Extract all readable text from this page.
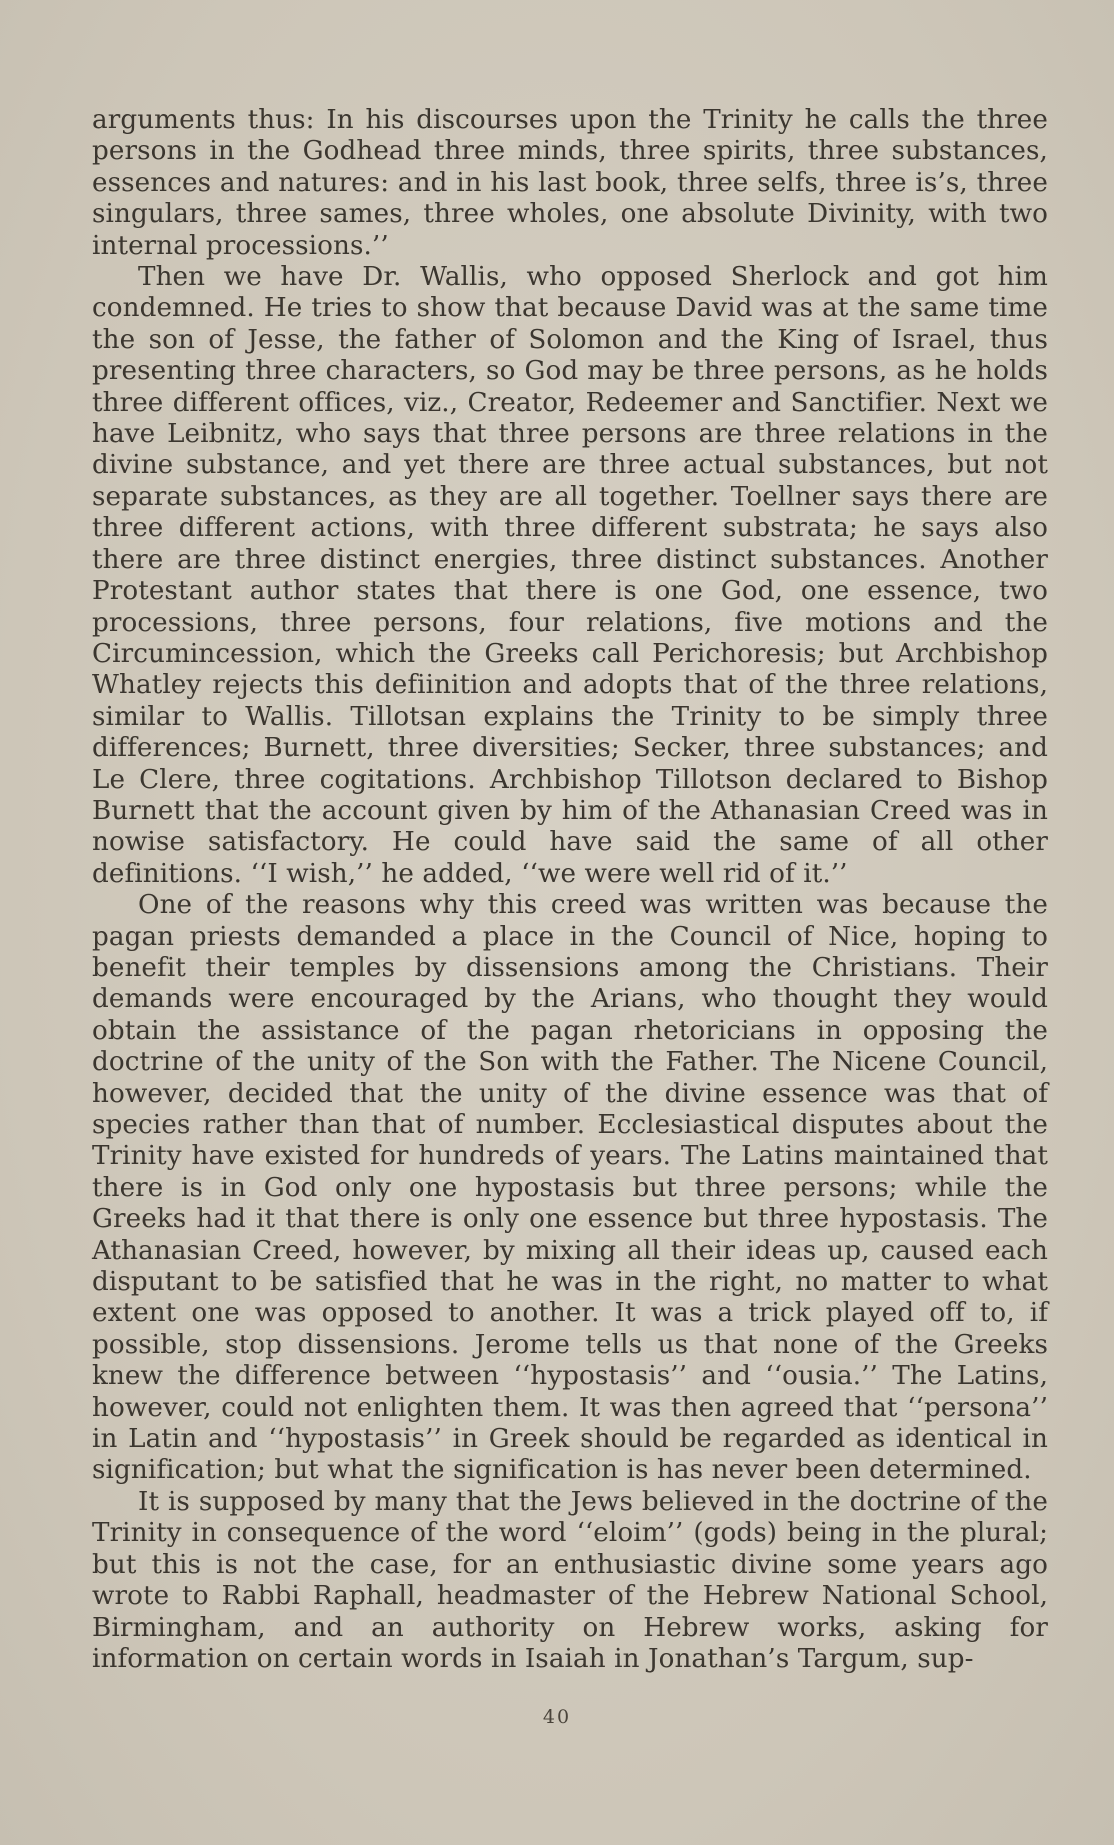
arguments thus: In his discourses upon the Trinity he calls the three persons in the Godhead three minds, three spirits, three substances, essences and natures: and in his last book, three selfs, three is’s, three singulars, three sames, three wholes, one absolute Divinity, with two internal processions.’’

Then we have Dr. Wallis, who opposed Sherlock and got him condemned. He tries to show that because David was at the same time the son of Jesse, the father of Solomon and the King of Israel, thus presenting three characters, so God may be three persons, as he holds three different offices, viz., Creator, Redeemer and Sanctifier. Next we have Leibnitz, who says that three persons are three relations in the divine substance, and yet there are three actual substances, but not separate substances, as they are all together. Toellner says there are three different actions, with three different substrata; he says also there are three distinct energies, three distinct substances. Another Protestant author states that there is one God, one essence, two processions, three persons, four relations, five motions and the Circumincession, which the Greeks call Perichoresis; but Archbishop Whatley rejects this defiinition and adopts that of the three relations, similar to Wallis. Tillotsan explains the Trinity to be simply three differences; Burnett, three diversities; Secker, three substances; and Le Clere, three cogitations. Archbishop Tillotson declared to Bishop Burnett that the account given by him of the Athanasian Creed was in nowise satisfactory. He could have said the same of all other definitions. ‘‘I wish,’’ he added, ‘‘we were well rid of it.’’

One of the reasons why this creed was written was because the pagan priests demanded a place in the Council of Nice, hoping to benefit their temples by dissensions among the Christians. Their demands were encouraged by the Arians, who thought they would obtain the assistance of the pagan rhetoricians in opposing the doctrine of the unity of the Son with the Father. The Nicene Council, however, decided that the unity of the divine essence was that of species rather than that of number. Ecclesiastical disputes about the Trinity have existed for hundreds of years. The Latins maintained that there is in God only one hypostasis but three persons; while the Greeks had it that there is only one essence but three hypostasis. The Athanasian Creed, however, by mixing all their ideas up, caused each disputant to be satisfied that he was in the right, no matter to what extent one was opposed to another. It was a trick played off to, if possible, stop dissensions. Jerome tells us that none of the Greeks knew the difference between ‘‘hypostasis’’ and ‘‘ousia.’’ The Latins, however, could not enlighten them. It was then agreed that ‘‘persona’’ in Latin and ‘‘hypostasis’’ in Greek should be regarded as identical in signification; but what the signification is has never been determined.

It is supposed by many that the Jews believed in the doctrine of the Trinity in consequence of the word ‘‘eloim’’ (gods) being in the plural; but this is not the case, for an enthusiastic divine some years ago wrote to Rabbi Raphall, headmaster of the Hebrew National School, Birmingham, and an authority on Hebrew works, asking for information on certain words in Isaiah in Jonathan’s Targum, sup-

40
